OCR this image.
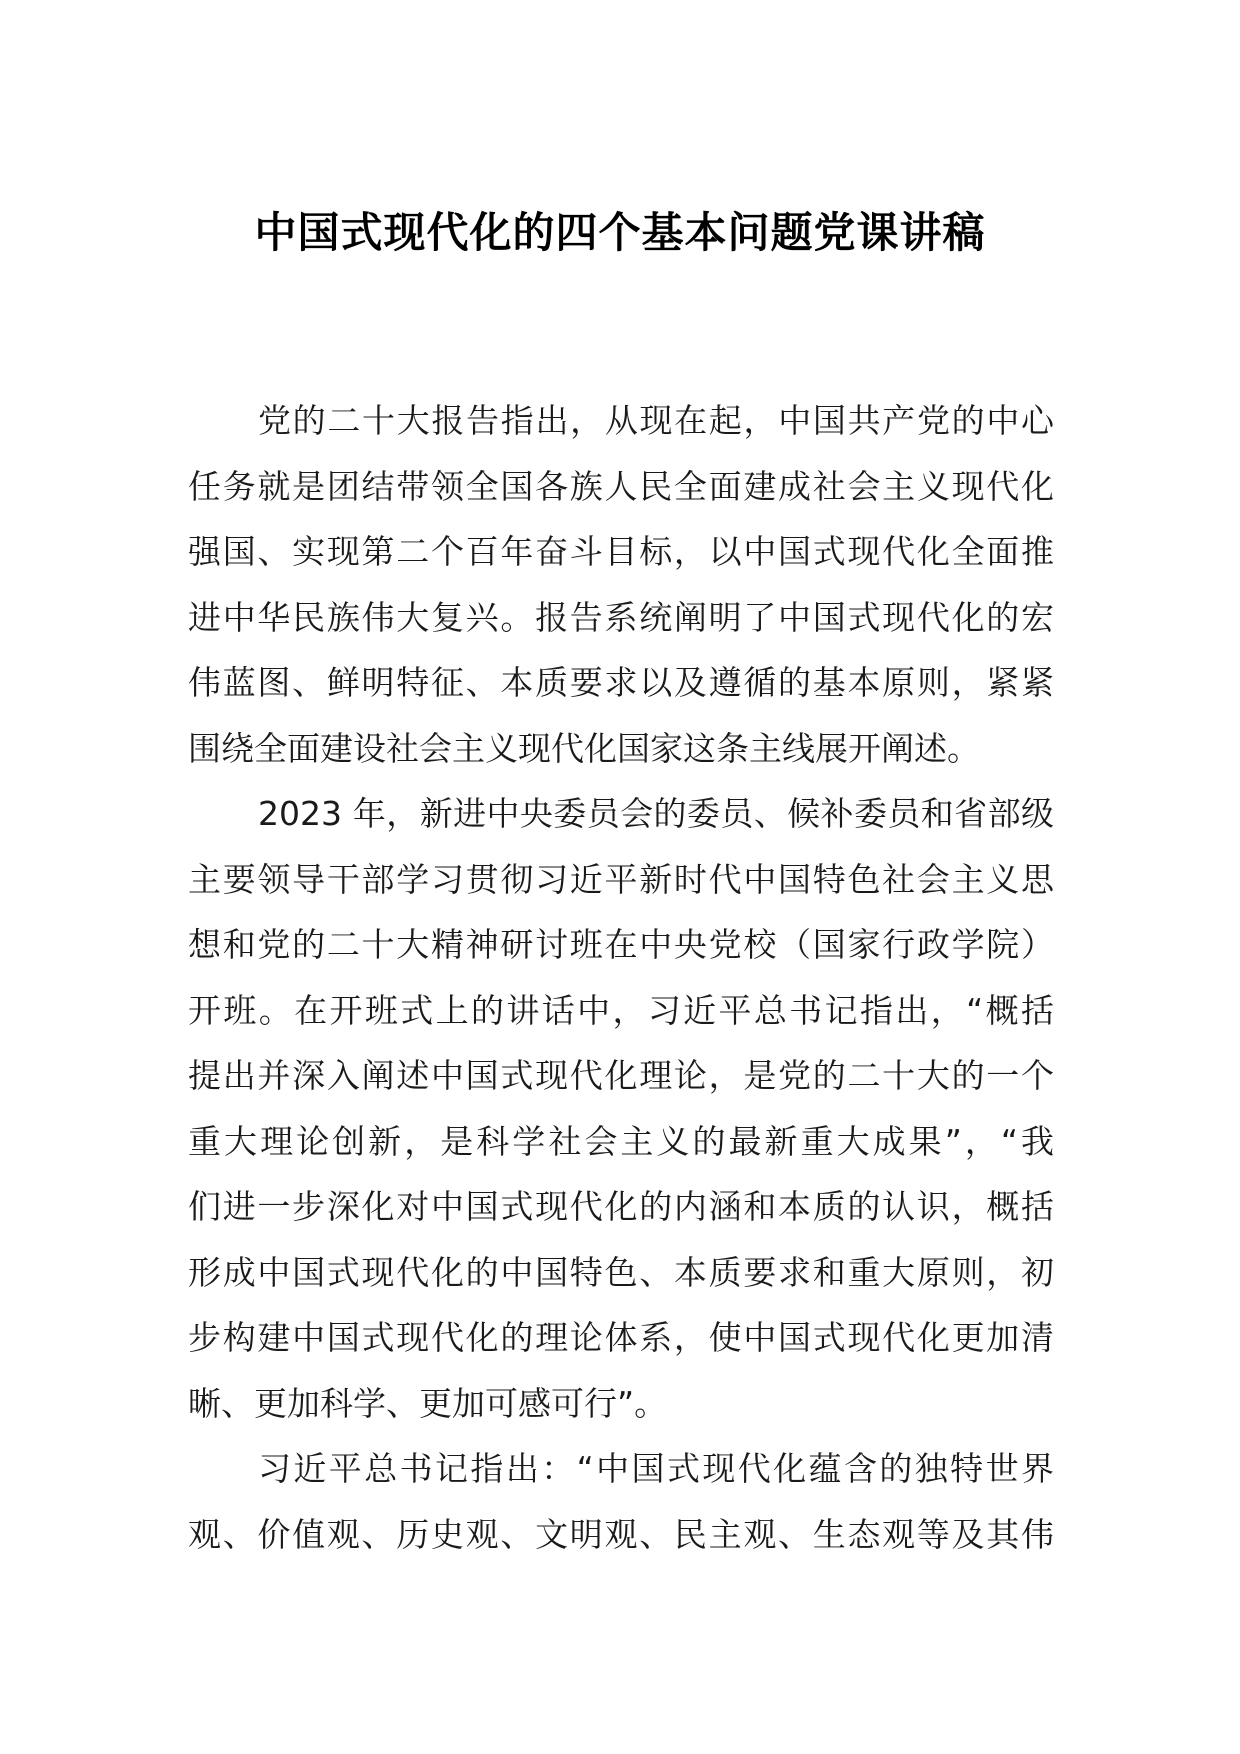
中国式现代化的四个基本问题党课讲稿
党的二十大报告指出，从现在起，中国共产党的中心
任务就是团结带领全国各族人民全面建成社会主义现代化
强国、实现第二个百年奋斗目标，以中国式现代化全面推
进中华民族伟大复兴。报告系统阐明了中国式现代化的宏
伟蓝图、鲜明特征、本质要求以及遵循的基本原则，紧紧
围绕全面建设社会主义现代化国家这条主线展开阐述。
2023 年，新进中央委员会的委员、候补委员和省部级
主要领导干部学习贯彻习近平新时代中国特色社会主义思
想和党的二十大精神研讨班在中央党校（国家行政学院）
开班。在开班式上的讲话中，习近平总书记指出，“概括
提出并深入阐述中国式现代化理论，是党的二十大的一个
重大理论创新，是科学社会主义的最新重大成果”，“我
们进一步深化对中国式现代化的内涵和本质的认识，概括
形成中国式现代化的中国特色、本质要求和重大原则，初
步构建中国式现代化的理论体系，使中国式现代化更加清
晰、更加科学、更加可感可行”。
习近平总书记指出：“中国式现代化蕴含的独特世界
观、价值观、历史观、文明观、民主观、生态观等及其伟
